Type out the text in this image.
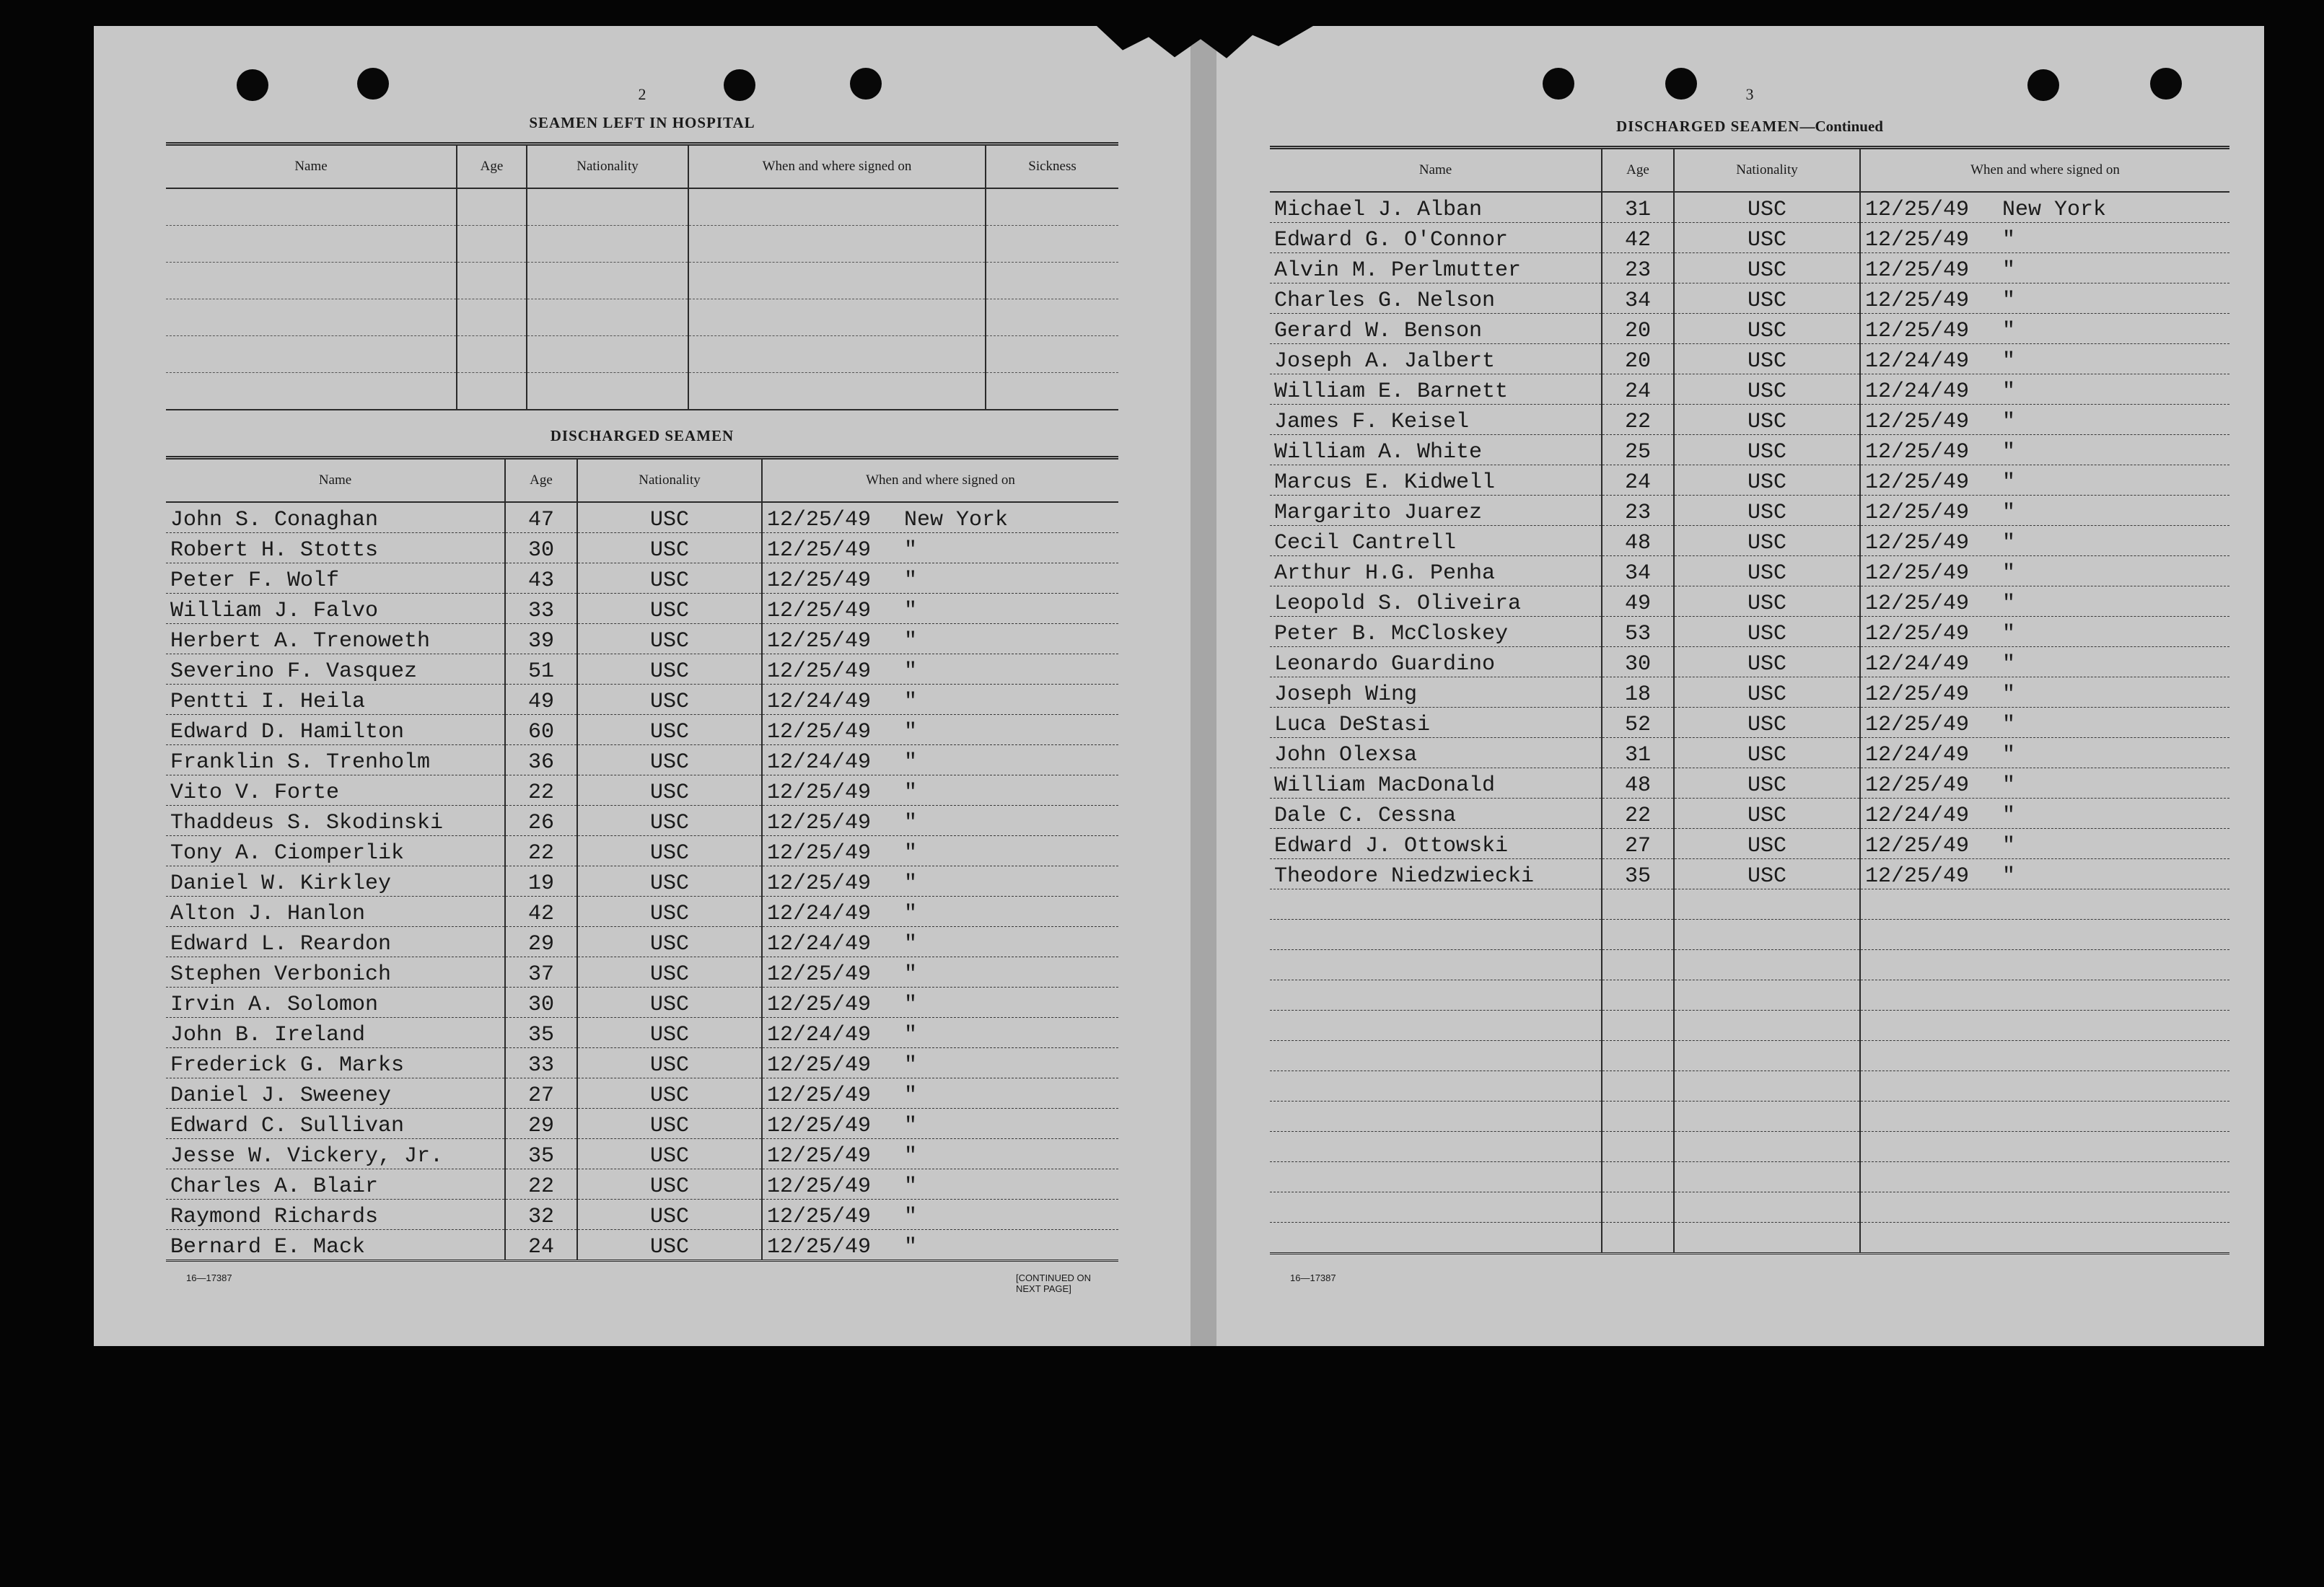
2
SEAMEN LEFT IN HOSPITAL
Name	Age	Nationality	When and where signed on	Sickness

DISCHARGED SEAMEN
Name	Age	Nationality	When and where signed on
John S. Conaghan	47	USC	12/25/49 New York
Robert H. Stotts	30	USC	12/25/49 "
Peter F. Wolf	43	USC	12/25/49 "
William J. Falvo	33	USC	12/25/49 "
Herbert A. Trenoweth	39	USC	12/25/49 "
Severino F. Vasquez	51	USC	12/25/49 "
Pentti I. Heila	49	USC	12/24/49 "
Edward D. Hamilton	60	USC	12/25/49 "
Franklin S. Trenholm	36	USC	12/24/49 "
Vito V. Forte	22	USC	12/25/49 "
Thaddeus S. Skodinski	26	USC	12/25/49 "
Tony A. Ciomperlik	22	USC	12/25/49 "
Daniel W. Kirkley	19	USC	12/25/49 "
Alton J. Hanlon	42	USC	12/24/49 "
Edward L. Reardon	29	USC	12/24/49 "
Stephen Verbonich	37	USC	12/25/49 "
Irvin A. Solomon	30	USC	12/25/49 "
John B. Ireland	35	USC	12/24/49 "
Frederick G. Marks	33	USC	12/25/49 "
Daniel J. Sweeney	27	USC	12/25/49 "
Edward C. Sullivan	29	USC	12/25/49 "
Jesse W. Vickery, Jr.	35	USC	12/25/49 "
Charles A. Blair	22	USC	12/25/49 "
Raymond Richards	32	USC	12/25/49 "
Bernard E. Mack	24	USC	12/25/49 "
16—17387	[CONTINUED ON NEXT PAGE]
3
DISCHARGED SEAMEN—Continued
Name	Age	Nationality	When and where signed on
Michael J. Alban	31	USC	12/25/49 New York
Edward G. O'Connor	42	USC	12/25/49 "
Alvin M. Perlmutter	23	USC	12/25/49 "
Charles G. Nelson	34	USC	12/25/49 "
Gerard W. Benson	20	USC	12/25/49 "
Joseph A. Jalbert	20	USC	12/24/49 "
William E. Barnett	24	USC	12/24/49 "
James F. Keisel	22	USC	12/25/49 "
William A. White	25	USC	12/25/49 "
Marcus E. Kidwell	24	USC	12/25/49 "
Margarito Juarez	23	USC	12/25/49 "
Cecil Cantrell	48	USC	12/25/49 "
Arthur H.G. Penha	34	USC	12/25/49 "
Leopold S. Oliveira	49	USC	12/25/49 "
Peter B. McCloskey	53	USC	12/25/49 "
Leonardo Guardino	30	USC	12/24/49 "
Joseph Wing	18	USC	12/25/49 "
Luca DeStasi	52	USC	12/25/49 "
John Olexsa	31	USC	12/24/49 "
William MacDonald	48	USC	12/25/49 "
Dale C. Cessna	22	USC	12/24/49 "
Edward J. Ottowski	27	USC	12/25/49 "
Theodore Niedzwiecki	35	USC	12/25/49 "

16—17387
